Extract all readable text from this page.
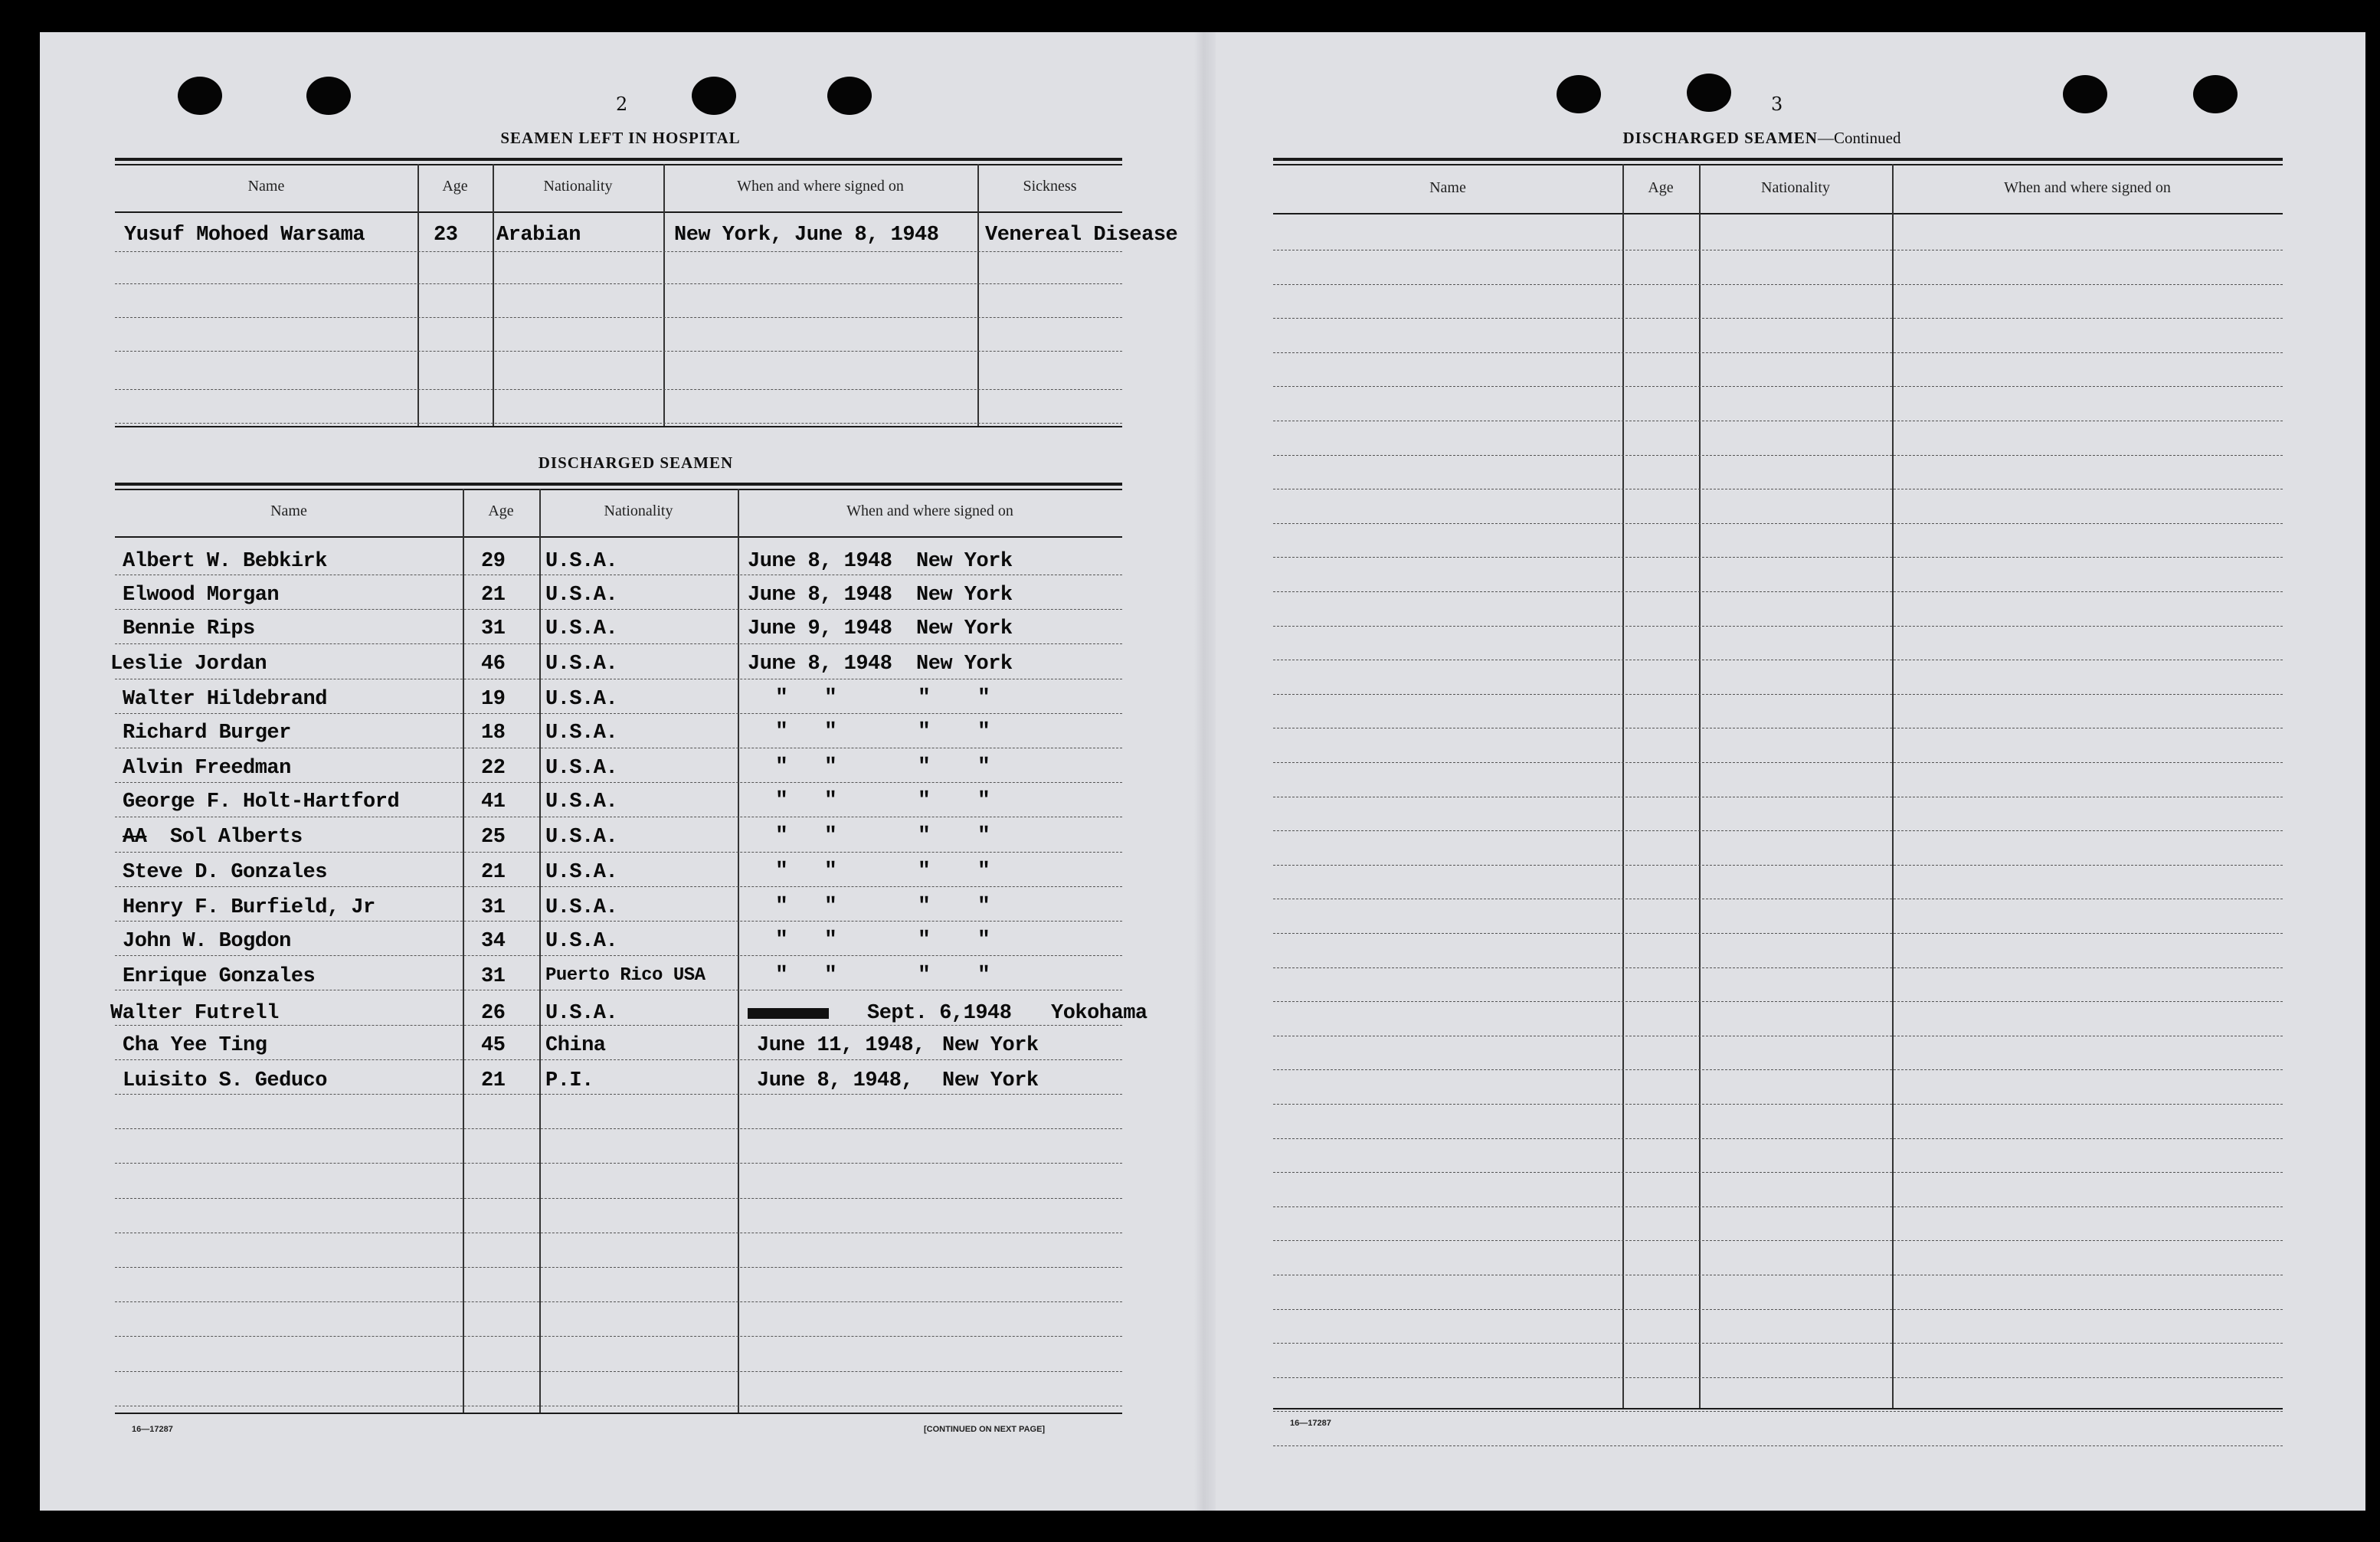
2
SEAMEN LEFT IN HOSPITAL
Name	Age	Nationality	When and where signed on	Sickness
Yusuf Mohoed Warsama	23 Arabian	New York, June 8, 1948 Venereal Disease
DISCHARGED SEAMEN
Name	Age	Nationality	When and where signed on
Albert W. Bebkirk	29 U.S.A.	June 8, 1948 New York
Elwood Morgan	21 U.S.A.	June 8, 1948 New York
Bennie Rips	31 U.S.A.	June 9, 1948 New York
Leslie Jordan	46 U.S.A.	June 8, 1948 New York
Walter Hildebrand	19 U.S.A.	" "	" "
Richard Burger	18 U.S.A.	" "	" "
Alvin Freedman	22 U.S.A.	" "	" "
George F. Holt-Hartford	41 U.S.A.	" "	" "
AA Sol Alberts	25 U.S.A.	" "	" "
Steve D. Gonzales	21 U.S.A.	" "	" "
Henry F. Burfield, Jr	31 U.S.A.	" "	" "
John W. Bogdon	34 U.S.A.	" "	" "
Enrique Gonzales	31 Puerto Rico USA	" "	" "
Walter Futrell	26 U.S.A.	Sept. 6,1948 Yokohama
Cha Yee Ting	45 China	June 11, 1948, New York
Luisito S. Geduco	21 P.I.	June 8, 1948, New York
16—17287	[CONTINUED ON NEXT PAGE]
3
DISCHARGED SEAMEN—Continued
Name	Age	Nationality	When and where signed on
16—17287
